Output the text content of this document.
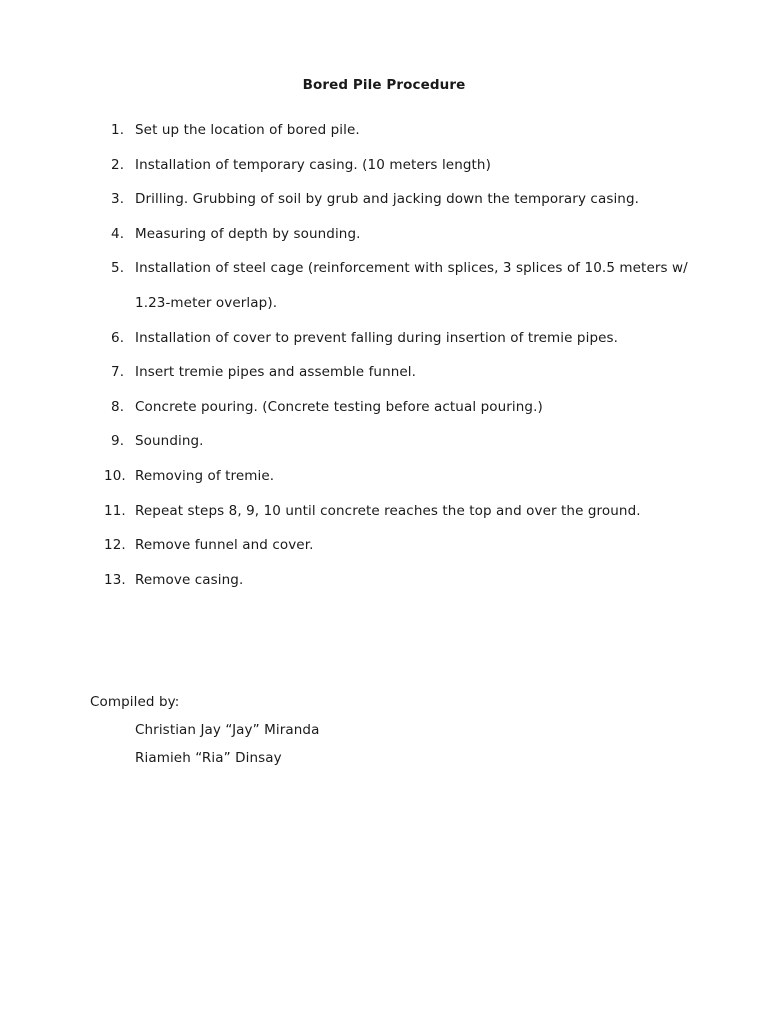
Bored Pile Procedure
1. Set up the location of bored pile.
2. Installation of temporary casing. (10 meters length)
3. Drilling. Grubbing of soil by grub and jacking down the temporary casing.
4. Measuring of depth by sounding.
5. Installation of steel cage (reinforcement with splices, 3 splices of 10.5 meters w/ 1.23-meter overlap).
6. Installation of cover to prevent falling during insertion of tremie pipes.
7. Insert tremie pipes and assemble funnel.
8. Concrete pouring. (Concrete testing before actual pouring.)
9. Sounding.
10. Removing of tremie.
11. Repeat steps 8, 9, 10 until concrete reaches the top and over the ground.
12. Remove funnel and cover.
13. Remove casing.
Compiled by:
Christian Jay “Jay” Miranda
Riamieh “Ria” Dinsay
